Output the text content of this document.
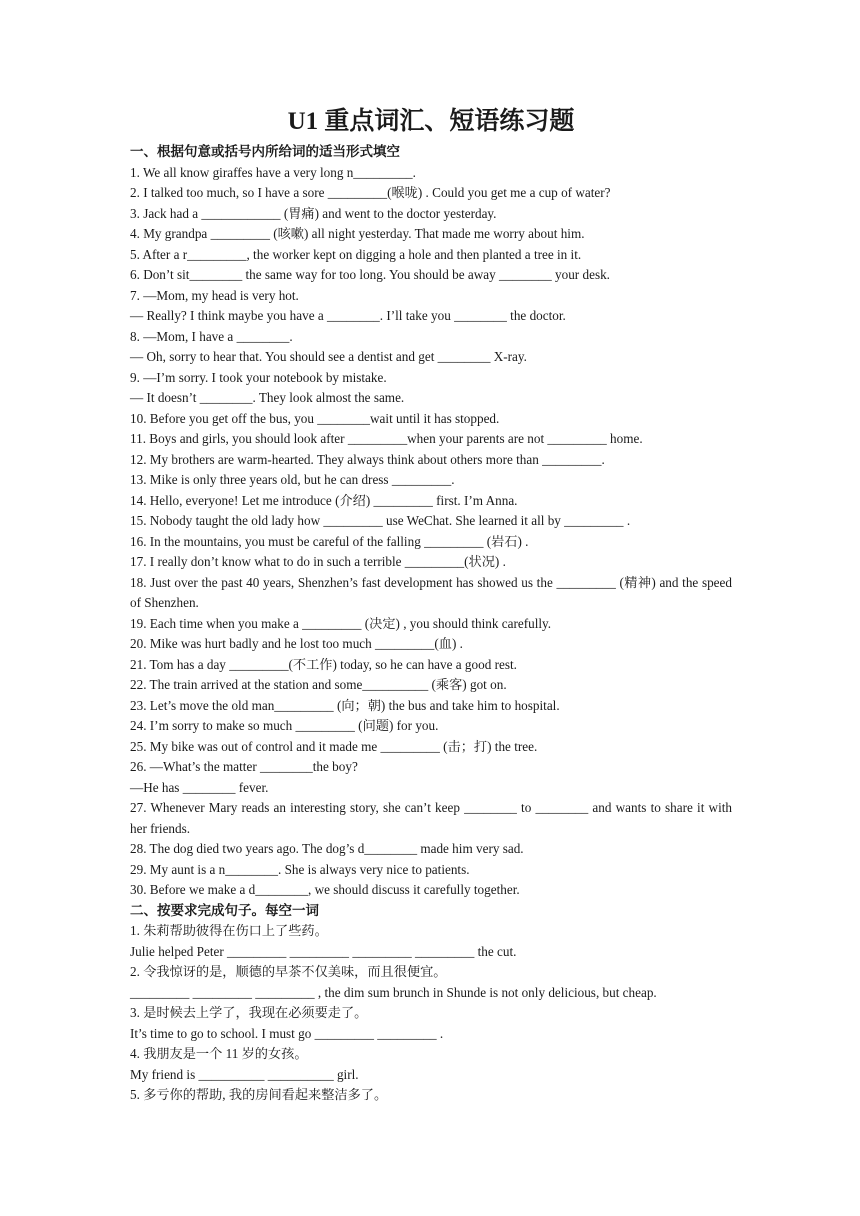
U1 重点词汇、短语练习题
一、根据句意或括号内所给词的适当形式填空
1. We all know giraffes have a very long n_________.
2. I talked too much, so I have a sore _________(喉咙) . Could you get me a cup of water?
3. Jack had a ____________ (胃痛) and went to the doctor yesterday.
4. My grandpa _________ (咳嗽) all night yesterday. That made me worry about him.
5. After a r_________, the worker kept on digging a hole and then planted a tree in it.
6. Don’t sit________ the same way for too long. You should be away ________ your desk.
7. —Mom, my head is very hot.
— Really? I think maybe you have a ________. I’ll take you ________ the doctor.
8. —Mom, I have a ________.
— Oh, sorry to hear that. You should see a dentist and get ________ X-ray.
9. —I’m sorry. I took your notebook by mistake.
— It doesn’t ________. They look almost the same.
10. Before you get off the bus, you ________wait until it has stopped.
11. Boys and girls, you should look after _________when your parents are not _________ home.
12. My brothers are warm-hearted. They always think about others more than _________.
13. Mike is only three years old, but he can dress _________.
14. Hello, everyone! Let me introduce (介绍) _________ first. I’m Anna.
15. Nobody taught the old lady how _________ use WeChat. She learned it all by _________ .
16. In the mountains, you must be careful of the falling _________ (岩石) .
17. I really don’t know what to do in such a terrible _________(状况) .
18. Just over the past 40 years, Shenzhen’s fast development has showed us the _________ (精神) and the speed of Shenzhen.
19. Each time when you make a _________ (决定) , you should think carefully.
20. Mike was hurt badly and he lost too much _________(血) .
21. Tom has a day _________(不工作) today, so he can have a good rest.
22. The train arrived at the station and some__________ (乘客) got on.
23. Let’s move the old man_________ (向；朝) the bus and take him to hospital.
24. I’m sorry to make so much _________ (问题) for you.
25. My bike was out of control and it made me _________ (击；打) the tree.
26. —What’s the matter ________the boy?
—He has ________ fever.
27. Whenever Mary reads an interesting story, she can’t keep ________ to ________ and wants to share it with her friends.
28. The dog died two years ago. The dog’s d________ made him very sad.
29. My aunt is a n________. She is always very nice to patients.
30. Before we make a d________, we should discuss it carefully together.
二、按要求完成句子。每空一词
1. 朱莉帮助彼得在伤口上了些药。
Julie helped Peter _________ _________ _________ _________ the cut.
2. 令我惊讶的是，顺德的早茶不仅美味，而且很便宜。
_________ _________ _________ , the dim sum brunch in Shunde is not only delicious, but cheap.
3. 是时候去上学了，我现在必须要走了。
It’s time to go to school. I must go _________ _________ .
4. 我朋友是一个 11 岁的女孩。
My friend is __________ __________ girl.
5. 多亏你的帮助, 我的房间看起来整洁多了。
